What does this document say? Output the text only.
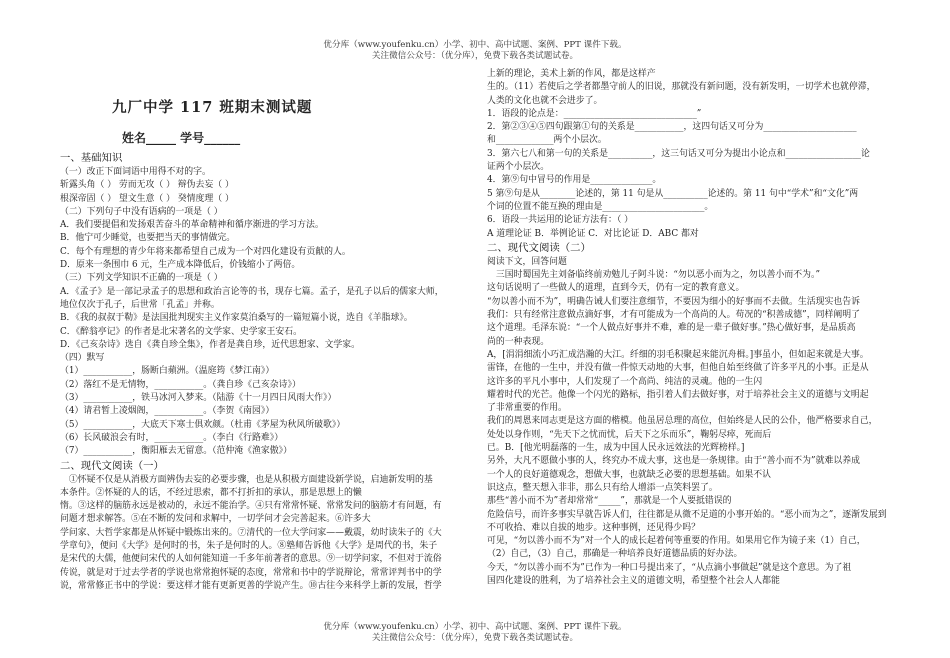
优分库（www.youfenku.cn）小学、初中、高中试题、案例、PPT 课件下载。
关注微信公众号：（优分库），免费下载各类试题试卷。
九厂中学 117 班期末测试题
姓名_____ 学号______

一、基础知识

（一）改正下面词语中用得不对的字。

斩露头角（ ） 劳而无攻（ ） 辩伪去妄（ ）

根深帝固（ ） 望文生意（ ） 癸情度理（ ）

（二）下列句子中没有语病的一项是（ ）

A．我们要提倡和发扬艰苦奋斗的革命精神和循序渐进的学习方法。

B．他宁可少睡觉，也要把当天的事情做完。

C．每个有理想的青少年将来都希望自己成为一个对四化建设有贡献的人。

D．原来一条围巾 6 元，生产成本降低后，价钱缩小了两倍。

（三）下列文学知识不正确的一项是（ ）

A．《孟子》是一部记录孟子的思想和政治言论等的书，现存七篇。孟子，是孔子以后的儒家大师，

地位仅次于孔子，后世常「孔孟」并称。

B．《我的叔叔于勒》是法国批判现实主义作家莫泊桑写的一篇短篇小说，选自《羊脂球》。

C．《醉翁亭记》的作者是北宋著名的文学家、史学家王安石。

D．《己亥杂诗》选自《龚自珍全集》，作者是龚自珍，近代思想家、文学家。

（四）默写

（1）___________，肠断白蘋洲。（温庭筠《梦江南》）

（2）落红不是无情物，___________。（龚自珍《己亥杂诗》）

（3）___________，铁马冰河入梦来。（陆游《十一月四日风雨大作》）

（4）请君暂上凌烟阁，___________。（李贺《南园》）

（5）___________，大底天下寒士俱欢颜。（杜甫《茅屋为秋风所破歌》）

（6）长风破浪会有时，___________。（李白《行路难》）

（7）___________，衡阳雁去无留意。（范仲淹《渔家傲》）

二、现代文阅读（一）

①怀疑不仅是从消极方面辨伪去妄的必要步骤，也是从积极方面建设新学说，启迪新发明的基

本条件。②怀疑的人的话，不经过思索，都不打折扣的承认，那是思想上的懒

惰。③这样的脑筋永远是被动的，永远不能治学。④只有常常怀疑、常常发问的脑筋才有问题，有

问题才想求解答。⑤在不断的发问和求解中，一切学问才会完善起来。⑥许多大

学问家、大哲学家都是从怀疑中锻炼出来的。⑦清代的一位大学问家——戴震，幼时读朱子的《大

学章句》，便问《大学》是何时的书，朱子是何时的人。⑧塾师告诉他《大学》是周代的书，朱子

是宋代的大儒，他便问宋代的人如何能知道一千多年前著者的意思。⑨一切学问家，不但对于流俗

传说，就是对于过去学者的学说也常常抱怀疑的态度，常常和书中的学说辩论，常常评判书中的学

说，常常修正书中的学说：要这样才能有更新更善的学说产生。⑩古往今来科学上新的发展，哲学

上新的理论，美术上新的作风，都是这样产

生的。（11）若使后之学者都墨守前人的旧说，那就没有新问题，没有新发明，一切学术也就停滞，

人类的文化也就不会进步了。

1．语段的论点是：______________________________”

2．第②③④⑤四句跟第①句的关系是___________，这四句话又可分为_____________________

和_____________两个小层次。

3．第六七八和第一句的关系是__________，这三句话又可分为提出小论点和_________________论

证两个小层次。

4．第⑨句中冒号的作用是______________。

5 第⑨句是从________论述的，第 11 句是从__________论述的。第 11 句中“学术”和“文化”两

个词的位置不能互换的理由是_______________________。

6．语段一共运用的论证方法有：（ ）

A 道理论证 B．举例论证 C．对比论证 D．ABC 都对

二、现代文阅读（二）

阅读下文，回答问题

三国时蜀国先主刘备临终前劝勉儿子阿斗说：“勿以恶小而为之，勿以善小而不为。”

这句话说明了一些做人的道理，直到今天，仍有一定的教育意义。

“勿以善小而不为”，明确告诫人们要注意细节，不要因为细小的好事而不去做。生活现实也告诉

我们：只有经常注意做点滴好事，才有可能成为一个高尚的人。苟况的“积善成德”，同样阐明了

这个道理。毛泽东说：“一个人做点好事并不难，难的是一辈子做好事。”热心做好事，是品质高

尚的一种表现。

A，[涓涓细流小巧汇成浩瀚的大江。纤细的羽毛积聚起来能沉舟楫。]事虽小，但如起来就是大事。

雷锋，在他的一生中，并没有做一件惊天动地的大事，但他自始至终做了许多平凡的小事。正是从

这许多的平凡小事中，人们发现了一个高尚、纯洁的灵魂。他的一生闪

耀着时代的光芒。他像一个闪光的路标，指引着人们去做好事，对于培养社会主义的道德与文明起

了非常重要的作用。

我们的周恩来同志更是这方面的楷模。他虽居总理的高位，但始终是人民的公仆，他严格要求自己，

处处以身作则，“先天下之忧而忧，后天下之乐而乐”，鞠躬尽瘁，死而后

已。B．[他光明磊落的一生，成为中国人民永远效法的光辉榜样。]

另外，大凡不愿做小事的人，终究办不成大事，这也是一条规律。由于“善小而不为”就难以养成

一个人的良好道德观念，想做大事，也就缺乏必要的思想基础。如果不认

识这点，整天想入非非，那么只有给人增添一点笑料罢了。

那些“善小而不为”者却常常“_____”，那就是一个人要抵错误的

危险信号，而许多事实早就告诉人们，往往都是从微不足道的小事开始的。“恶小而为之”，逐渐发展到

不可收拾、难以自拔的地步。这种事例，还见得少吗？

可见，“勿以善小而不为”对一个人的成长起着何等重要的作用。如果用它作为镜子来（1）自己，

（2）自己，（3）自己，那确是一种培养良好道德品质的好办法。

今天，“勿以善小而不为”已作为一种口号提出来了，“从点滴小事做起”就是这个意思。为了祖

国四化建设的胜利，为了培养社会主义的道德文明，希望整个社会人人都能

优分库（www.youfenku.cn）小学、初中、高中试题、案例、PPT 课件下载。
关注微信公众号：（优分库），免费下载各类试题试卷。
